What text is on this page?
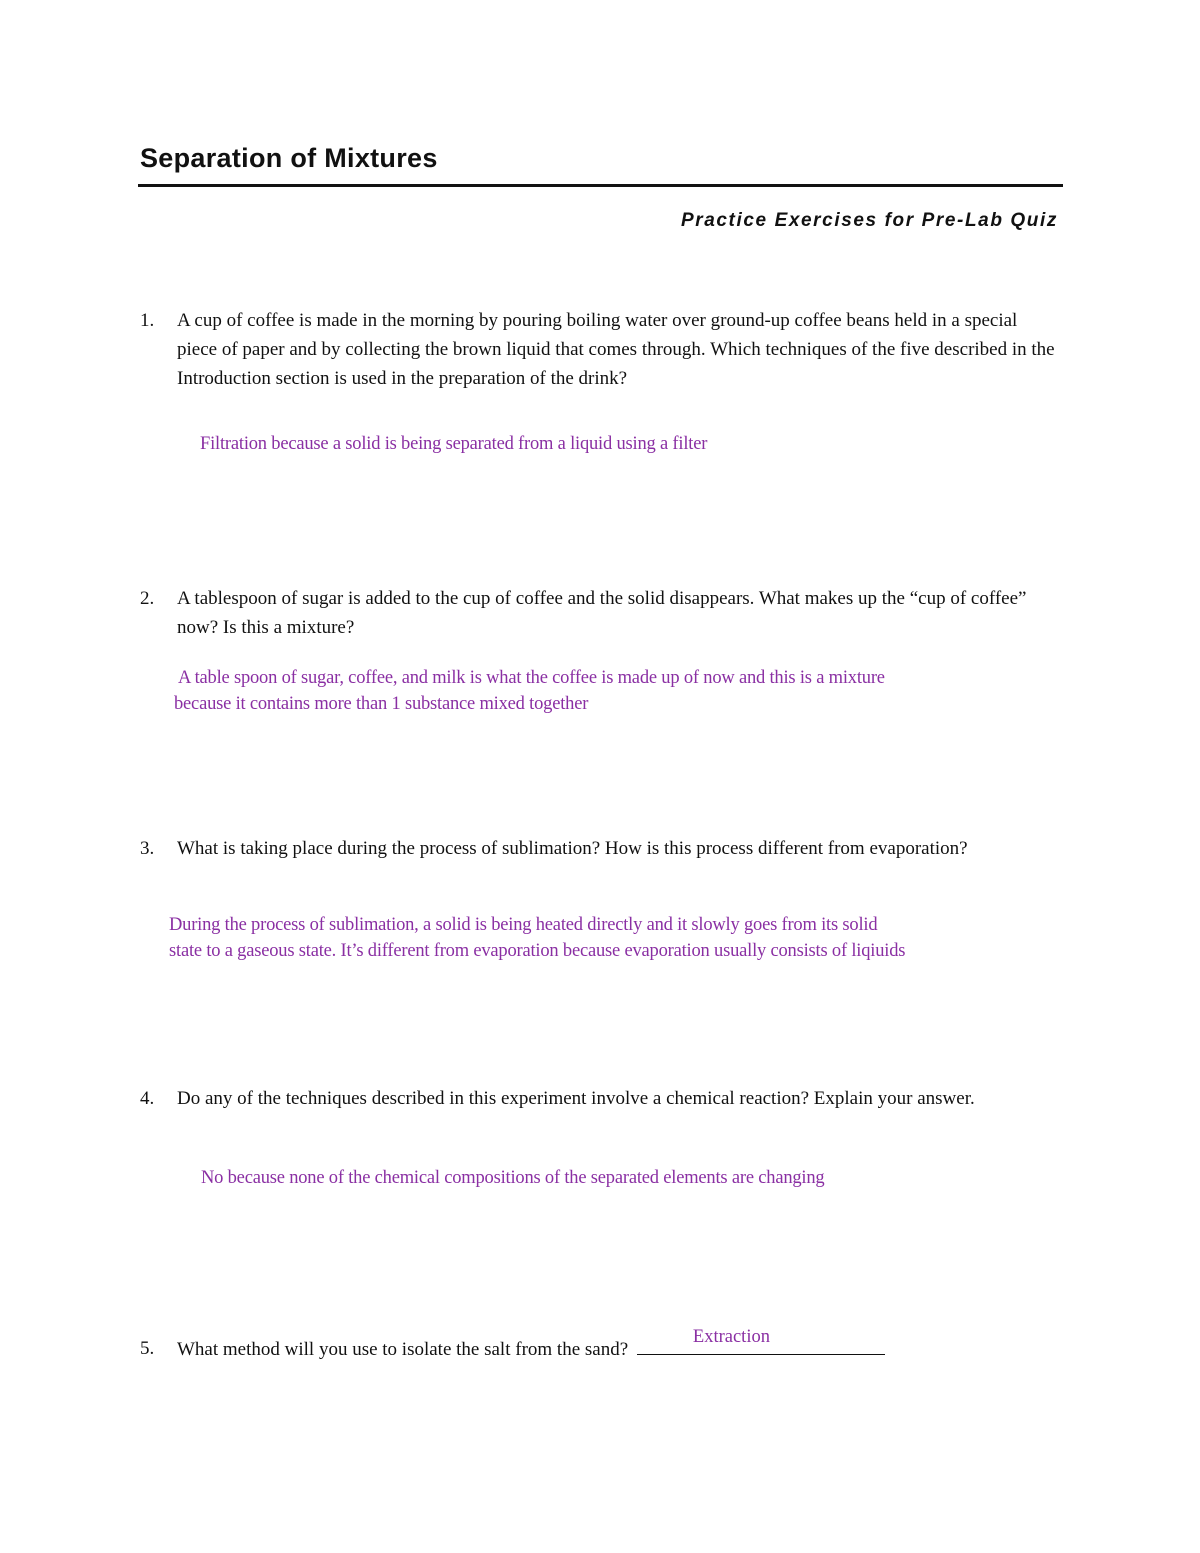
Separation of Mixtures
Practice Exercises for Pre-Lab Quiz
1. A cup of coffee is made in the morning by pouring boiling water over ground-up coffee beans held in a special piece of paper and by collecting the brown liquid that comes through. Which techniques of the five described in the Introduction section is used in the preparation of the drink?
Filtration because a solid is being separated from a liquid using a filter
2. A tablespoon of sugar is added to the cup of coffee and the solid disappears. What makes up the “cup of coffee” now? Is this a mixture?
A table spoon of sugar, coffee, and milk is what the coffee is made up of now and this is a mixture
because it contains more than 1 substance mixed together
3. What is taking place during the process of sublimation? How is this process different from evaporation?
During the process of sublimation, a solid is being heated directly and it slowly goes from its solid
state to a gaseous state. It’s different from evaporation because evaporation usually consists of liqiuids
4. Do any of the techniques described in this experiment involve a chemical reaction? Explain your answer.
No because none of the chemical compositions of the separated elements are changing
5. What method will you use to isolate the salt from the sand?
Extraction
